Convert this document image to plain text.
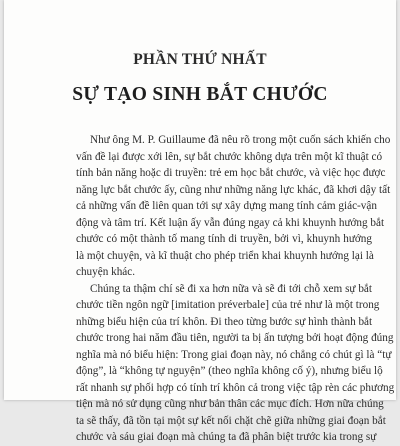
PHẦN THỨ NHẤT
SỰ TẠO SINH BẮT CHƯỚC

Như ông M. P. Guillaume đã nêu rõ trong một cuốn sách khiến cho
vấn đề lại được xới lên, sự bắt chước không dựa trên một kĩ thuật có
tính bản năng hoặc di truyền: trẻ em học bắt chước, và việc học được
năng lực bắt chước ấy, cũng như những năng lực khác, đã khơi dậy tất
cả những vấn đề liên quan tới sự xây dựng mang tính cảm giác-vận
động và tâm trí. Kết luận ấy vẫn đúng ngay cả khi khuynh hướng bắt
chước có một thành tố mang tính di truyền, bởi vì, khuynh hướng
là một chuyện, và kĩ thuật cho phép triển khai khuynh hướng lại là
chuyện khác.

Chúng ta thậm chí sẽ đi xa hơn nữa và sẽ đi tới chỗ xem sự bắt
chước tiền ngôn ngữ [imitation préverbale] của trẻ như là một trong
những biểu hiện của trí khôn. Đi theo từng bước sự hình thành bắt
chước trong hai năm đầu tiên, người ta bị ấn tượng bởi hoạt động đúng
nghĩa mà nó biểu hiện: Trong giai đoạn này, nó chẳng có chút gì là “tự
động”, là “không tự nguyện” (theo nghĩa không cố ý), nhưng biểu lộ
rất nhanh sự phối hợp có tính trí khôn cả trong việc tập rèn các phương
tiện mà nó sử dụng cũng như bản thân các mục đích. Hơn nữa chúng
ta sẽ thấy, đã tồn tại một sự kết nối chặt chẽ giữa những giai đoạn bắt
chước và sáu giai đoạn mà chúng ta đã phân biệt trước kia trong sự
